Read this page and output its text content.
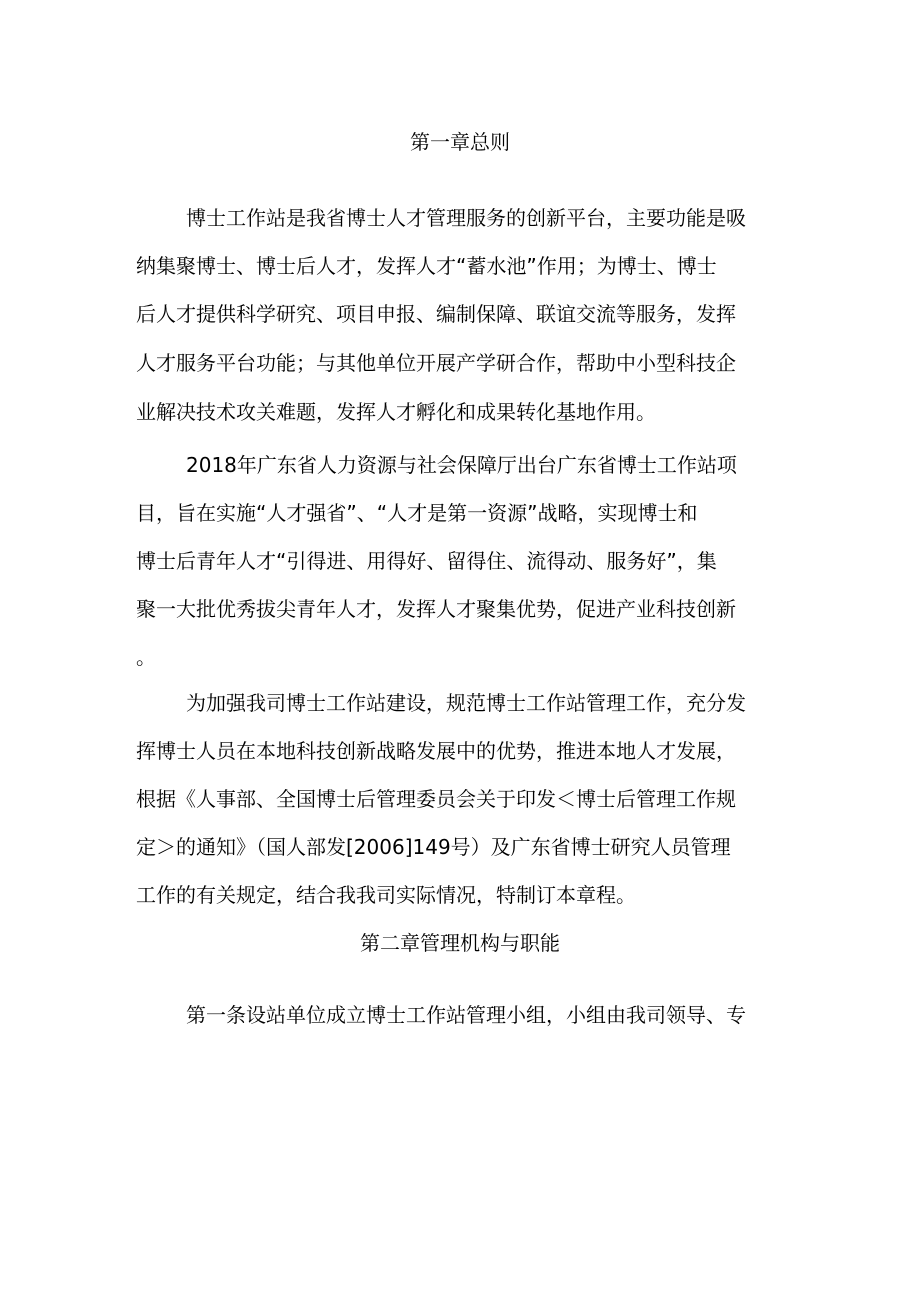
第一章总则
博士工作站是我省博士人才管理服务的创新平台，主要功能是吸
纳集聚博士、博士后人才，发挥人才“蓄水池”作用；为博士、博士
后人才提供科学研究、项目申报、编制保障、联谊交流等服务，发挥
人才服务平台功能；与其他单位开展产学研合作，帮助中小型科技企
业解决技术攻关难题，发挥人才孵化和成果转化基地作用。
2018年广东省人力资源与社会保障厅出台广东省博士工作站项
目，旨在实施“人才强省”、“人才是第一资源”战略，实现博士和
博士后青年人才“引得进、用得好、留得住、流得动、服务好”，集
聚一大批优秀拔尖青年人才，发挥人才聚集优势，促进产业科技创新
。
为加强我司博士工作站建设，规范博士工作站管理工作，充分发
挥博士人员在本地科技创新战略发展中的优势，推进本地人才发展，
根据《人事部、全国博士后管理委员会关于印发＜博士后管理工作规
定＞的通知》（国人部发[2006]149号）及广东省博士研究人员管理
工作的有关规定，结合我我司实际情况，特制订本章程。
第二章管理机构与职能
第一条设站单位成立博士工作站管理小组，小组由我司领导、专
